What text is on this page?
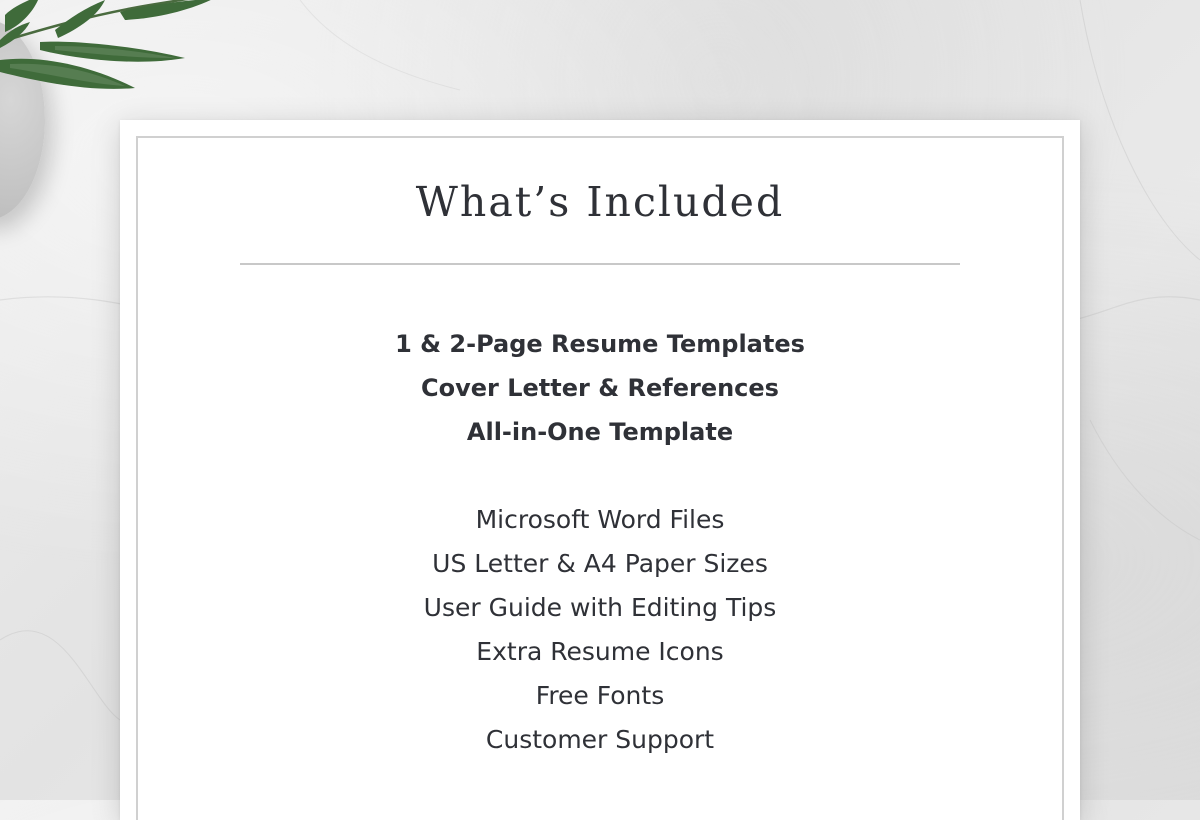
What’s Included
1 & 2-Page Resume Templates
Cover Letter & References
All-in-One Template
Microsoft Word Files
US Letter & A4 Paper Sizes
User Guide with Editing Tips
Extra Resume Icons
Free Fonts
Customer Support
